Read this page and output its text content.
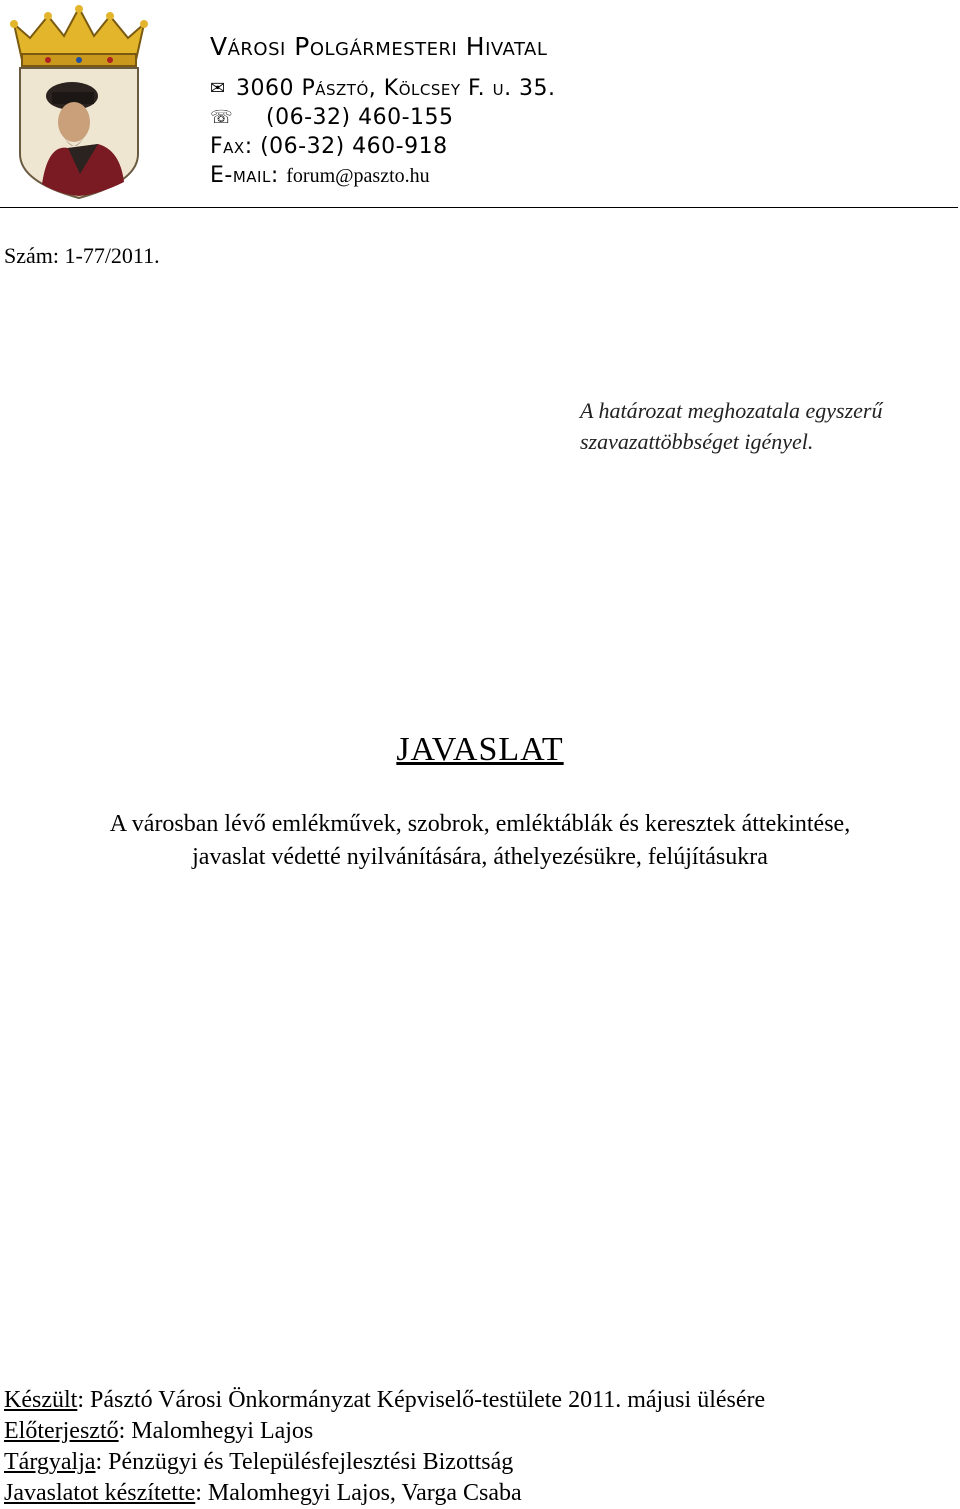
Városi Polgármesteri Hivatal
✉ 3060 Pásztó, Kölcsey F. u. 35.
☏ (06-32) 460-155
Fax: (06-32) 460-918
E-mail: forum@paszto.hu
Szám: 1-77/2011.
A határozat meghozatala egyszerű
szavazattöbbséget igényel.
JAVASLAT
A városban lévő emlékművek, szobrok, emléktáblák és keresztek áttekintése,
javaslat védetté nyilvánítására, áthelyezésükre, felújításukra
Készült: Pásztó Városi Önkormányzat Képviselő-testülete 2011. májusi ülésére
Előterjesztő: Malomhegyi Lajos
Tárgyalja: Pénzügyi és Településfejlesztési Bizottság
Javaslatot készítette: Malomhegyi Lajos, Varga Csaba
